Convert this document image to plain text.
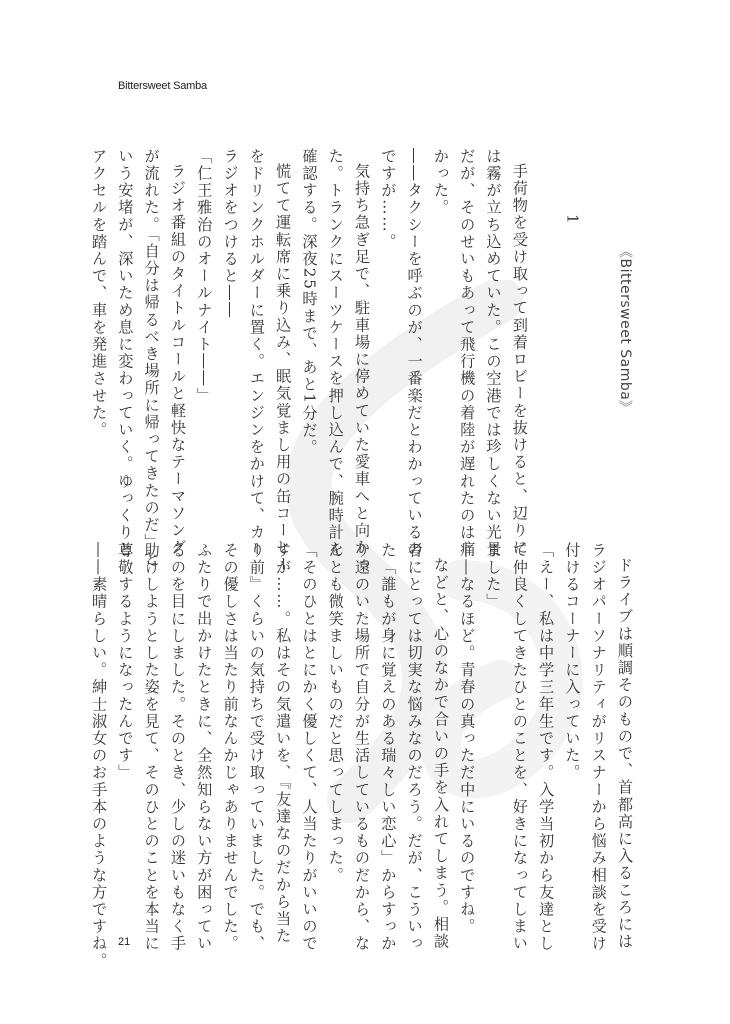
Bittersweet Samba
《Bittersweet Samba》
1
手荷物を受け取って到着ロビーを抜けると、辺りに
は霧が立ち込めていた。この空港では珍しくない光景
だが、そのせいもあって飛行機の着陸が遅れたのは痛
かった。
――タクシーを呼ぶのが、一番楽だとわかっているの
ですが……。
気持ち急ぎ足で、駐車場に停めていた愛車へと向かっ
た。トランクにスーツケースを押し込んで、腕時計を
確認する。深夜25時まで、あと1分だ。
慌てて運転席に乗り込み、眠気覚まし用の缶コーヒー
をドリンクホルダーに置く。エンジンをかけて、カー
ラジオをつけると――
「仁王雅治のオールナイト――」
ラジオ番組のタイトルコールと軽快なテーマソング
が流れた。「自分は帰るべき場所に帰ってきたのだ」と
いう安堵が、深いため息に変わっていく。ゆっくりと
アクセルを踏んで、車を発進させた。
ドライブは順調そのもので、首都高に入るころには
ラジオパーソナリティがリスナーから悩み相談を受け
付けるコーナーに入っていた。
「えー、私は中学三年生です。入学当初から友達とし
て仲良くしてきたひとのことを、好きになってしまい
ました」
――なるほど。青春の真っただ中にいるのですね。
などと、心のなかで合いの手を入れてしまう。相談
者にとっては切実な悩みなのだろう。だが、こういっ
た「誰もが身に覚えのある瑞々しい恋心」からすっか
り遠のいた場所で自分が生活しているものだから、な
んとも微笑ましいものだと思ってしまった。
「そのひとはとにかく優しくて、人当たりがいいので
すが……。私はその気遣いを、『友達なのだから当た
り前』くらいの気持ちで受け取っていました。でも、
その優しさは当たり前なんかじゃありませんでした。
ふたりで出かけたときに、全然知らない方が困ってい
るのを目にしました。そのとき、少しの迷いもなく手
助けしようとした姿を見て、そのひとのことを本当に
尊敬するようになったんです」
――素晴らしい。紳士淑女のお手本のような方ですね。 21
